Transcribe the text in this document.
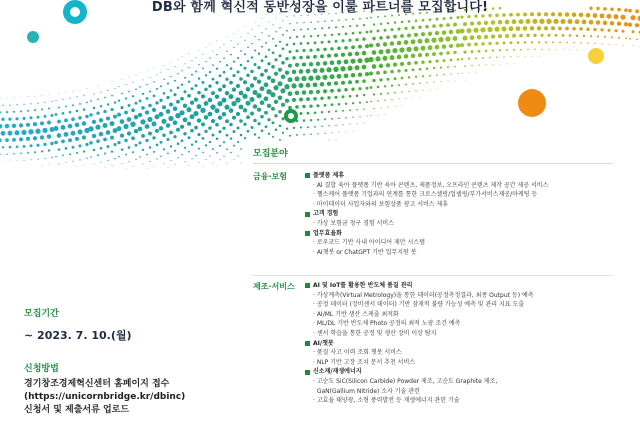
DB와 함께 혁신적 동반성장을 이룰 파트너를 모집합니다!
모집분야
금융·보험	플랫폼 제휴
· AI 결합 육아 플랫폼 기반 육아 콘텐츠, 제품정보, 오프라인 콘텐츠 제작 공간 제공 서비스
· 헬스케어 플랫폼 기업과의 연계를 통한 크로스셀링/업셀링/부가서비스제공/마케팅 등
· 마이데이터 사업자와의 보험상품 광고 서비스 제휴
고객 경험
· 가상 보험금 청구 경험 서비스
업무효율화
· 로우코드 기반 사내 아이디어 제안 시스템
· AI챗봇 or ChatGPT 기반 업무지원 봇
제조·서비스	AI 및 IoT를 활용한 반도체 품질 관리
· 가상계측(Virtual Metrology)을 통한 데이터(공정측정결과, 최종 Output 등) 예측
· 공정 데이터 (장비센서 데이터) 기반 잠재적 불량 가능성 예측 및 관리 지표 도출
· AI/ML 기반 생산 스케줄 최적화
· ML/DL 기반 반도체 Photo 공정의 최적 노광 조건 예측
· 센서 학습을 통한 공정 및 생산 장비 이상 탐지
AI/챗봇
· 품질 사고 이력 조회 챗봇 서비스
· NLP 기반 고장 조치 문서 추천 서비스
신소재/재생에너지
· 고순도 SiC(Silicon Carbide) Powder 제조, 고순도 Graphite 제조,
GaN(Gallium Nitride) 소자 기술 관련
· 고효율 태양광, 소형 풍력발전 등 재생에너지 관련 기술
모집기간
~ 2023. 7. 10.(월)
신청방법
경기창조경제혁신센터 홈페이지 접수
(https://unicornbridge.kr/dbinc)
신청서 및 제출서류 업로드
